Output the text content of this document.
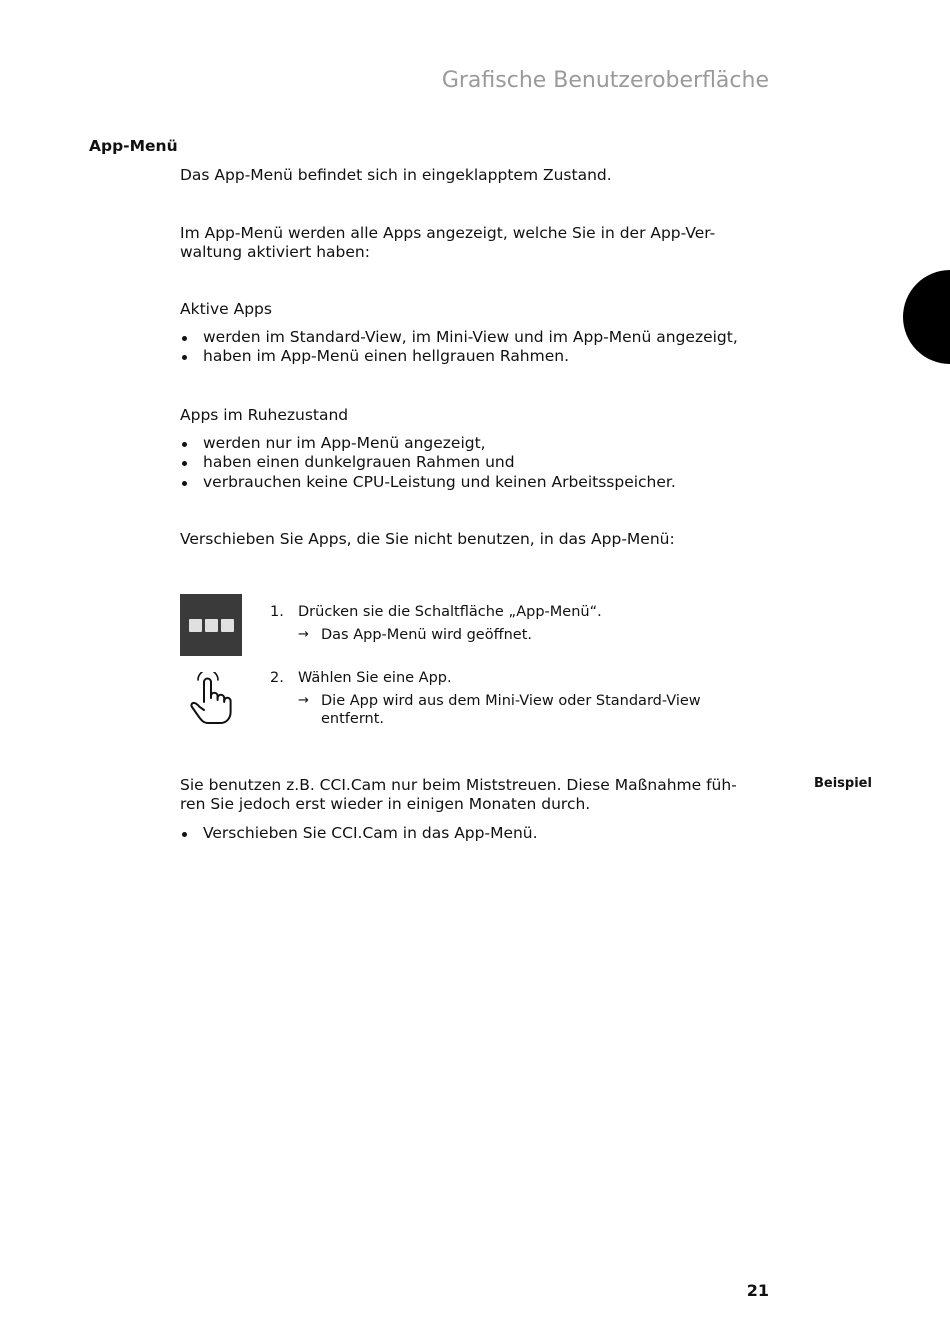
Grafische Benutzeroberfläche
App-Menü
Das App-Menü befindet sich in eingeklapptem Zustand.
Im App-Menü werden alle Apps angezeigt, welche Sie in der App-Ver-
waltung aktiviert haben:
Aktive Apps
werden im Standard-View, im Mini-View und im App-Menü angezeigt,
haben im App-Menü einen hellgrauen Rahmen.
Apps im Ruhezustand
werden nur im App-Menü angezeigt,
haben einen dunkelgrauen Rahmen und
verbrauchen keine CPU-Leistung und keinen Arbeitsspeicher.
Verschieben Sie Apps, die Sie nicht benutzen, in das App-Menü:
1. Drücken sie die Schaltfläche „App-Menü“.
→ Das App-Menü wird geöffnet.
2. Wählen Sie eine App.
→ Die App wird aus dem Mini-View oder Standard-View
entfernt.
Beispiel
Sie benutzen z.B. CCI.Cam nur beim Miststreuen. Diese Maßnahme füh-
ren Sie jedoch erst wieder in einigen Monaten durch.
Verschieben Sie CCI.Cam in das App-Menü.
21
